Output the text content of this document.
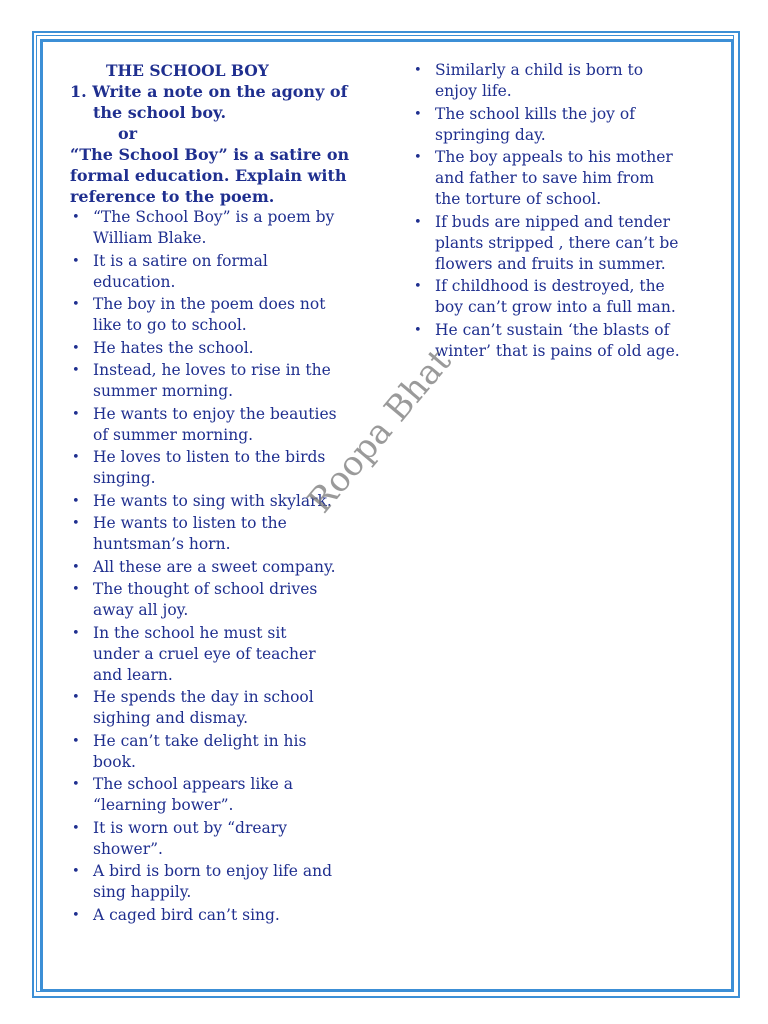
THE SCHOOL BOY
1. Write a note on the agony of
the school boy.
or
“The School Boy” is a satire on
formal education. Explain with
reference to the poem.
• “The School Boy” is a poem by
William Blake.
• It is a satire on formal
education.
• The boy in the poem does not
like to go to school.
• He hates the school.
• Instead, he loves to rise in the
summer morning.
• He wants to enjoy the beauties
of summer morning.
• He loves to listen to the birds
singing.
• He wants to sing with skylark.
• He wants to listen to the
huntsman’s horn.
• All these are a sweet company.
• The thought of school drives
away all joy.
• In the school he must sit
under a cruel eye of teacher
and learn.
• He spends the day in school
sighing and dismay.
• He can’t take delight in his
book.
• The school appears like a
“learning bower”.
• It is worn out by “dreary
shower”.
• A bird is born to enjoy life and
sing happily.
• A caged bird can’t sing.
• Similarly a child is born to
enjoy life.
• The school kills the joy of
springing day.
• The boy appeals to his mother
and father to save him from
the torture of school.
• If buds are nipped and tender
plants stripped , there can’t be
flowers and fruits in summer.
• If childhood is destroyed, the
boy can’t grow into a full man.
• He can’t sustain ‘the blasts of
winter’ that is pains of old age.
Roopa Bhat
